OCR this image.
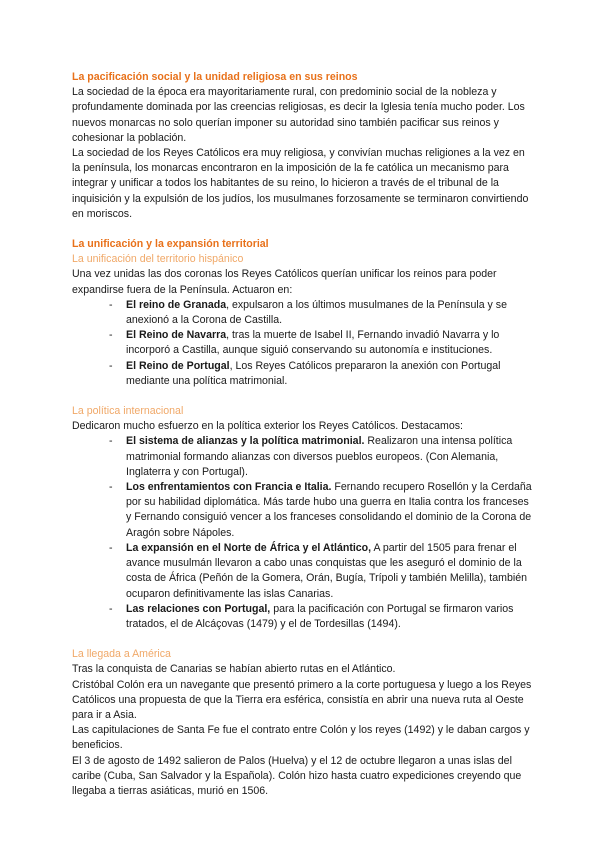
La pacificación social y la unidad religiosa en sus reinos

La sociedad de la época era mayoritariamente rural, con predominio social de la nobleza y profundamente dominada por las creencias religiosas, es decir la Iglesia tenía mucho poder. Los nuevos monarcas no solo querían imponer su autoridad sino también pacificar sus reinos y cohesionar la población.

La sociedad de los Reyes Católicos era muy religiosa, y convivían muchas religiones a la vez en la península, los monarcas encontraron en la imposición de la fe católica un mecanismo para integrar y unificar a todos los habitantes de su reino, lo hicieron a través de el tribunal de la inquisición y la expulsión de los judíos, los musulmanes forzosamente se terminaron convirtiendo en moriscos.

La unificación y la expansión territorial
La unificación del territorio hispánico

Una vez unidas las dos coronas los Reyes Católicos querían unificar los reinos para poder expandirse fuera de la Península. Actuaron en:

- El reino de Granada, expulsaron a los últimos musulmanes de la Península y se anexionó a la Corona de Castilla.
- El Reino de Navarra, tras la muerte de Isabel II, Fernando invadió Navarra y lo incorporó a Castilla, aunque siguió conservando su autonomía e instituciones.
- El Reino de Portugal, Los Reyes Católicos prepararon la anexión con Portugal mediante una política matrimonial.
La política internacional

Dedicaron mucho esfuerzo en la política exterior los Reyes Católicos. Destacamos:

- El sistema de alianzas y la política matrimonial. Realizaron una intensa política matrimonial formando alianzas con diversos pueblos europeos. (Con Alemania, Inglaterra y con Portugal).
- Los enfrentamientos con Francia e Italia. Fernando recupero Rosellón y la Cerdaña por su habilidad diplomática. Más tarde hubo una guerra en Italia contra los franceses y Fernando consiguió vencer a los franceses consolidando el dominio de la Corona de Aragón sobre Nápoles.
- La expansión en el Norte de África y el Atlántico, A partir del 1505 para frenar el avance musulmán llevaron a cabo unas conquistas que les aseguró el dominio de la costa de África (Peñón de la Gomera, Orán, Bugía, Trípoli y también Melilla), también ocuparon definitivamente las islas Canarias.
- Las relaciones con Portugal, para la pacificación con Portugal se firmaron varios tratados, el de Alcáçovas (1479) y el de Tordesillas (1494).
La llegada a América

Tras la conquista de Canarias se habían abierto rutas en el Atlántico.

Cristóbal Colón era un navegante que presentó primero a la corte portuguesa y luego a los Reyes Católicos una propuesta de que la Tierra era esférica, consistía en abrir una nueva ruta al Oeste para ir a Asia.

Las capitulaciones de Santa Fe fue el contrato entre Colón y los reyes (1492) y le daban cargos y beneficios.

El 3 de agosto de 1492 salieron de Palos (Huelva) y el 12 de octubre llegaron a unas islas del caribe (Cuba, San Salvador y la Española). Colón hizo hasta cuatro expediciones creyendo que llegaba a tierras asiáticas, murió en 1506.
